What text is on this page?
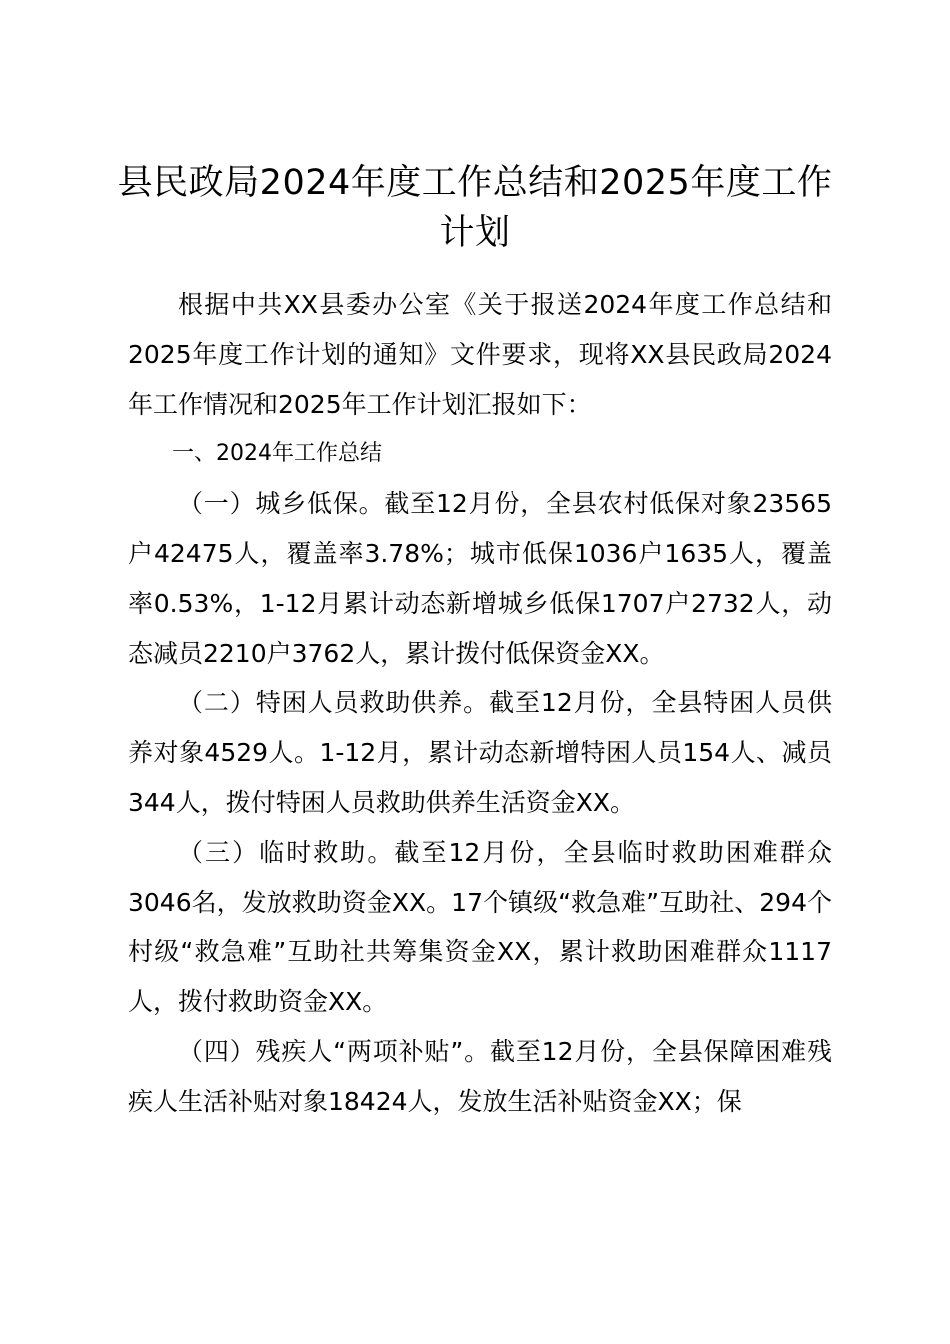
县民政局2024年度工作总结和2025年度工作计划

根据中共XX县委办公室《关于报送2024年度工作总结和2025年度工作计划的通知》文件要求，现将XX县民政局2024年工作情况和2025年工作计划汇报如下：

一、2024年工作总结

（一）城乡低保。截至12月份，全县农村低保对象23565户42475人，覆盖率3.78%；城市低保1036户1635人，覆盖率0.53%，1-12月累计动态新增城乡低保1707户2732人，动态减员2210户3762人，累计拨付低保资金XX。

（二）特困人员救助供养。截至12月份，全县特困人员供养对象4529人。1-12月，累计动态新增特困人员154人、减员344人，拨付特困人员救助供养生活资金XX。

（三）临时救助。截至12月份，全县临时救助困难群众3046名，发放救助资金XX。17个镇级“救急难”互助社、294个村级“救急难”互助社共筹集资金XX，累计救助困难群众1117人，拨付救助资金XX。

（四）残疾人“两项补贴”。截至12月份，全县保障困难残疾人生活补贴对象18424人，发放生活补贴资金XX；保
